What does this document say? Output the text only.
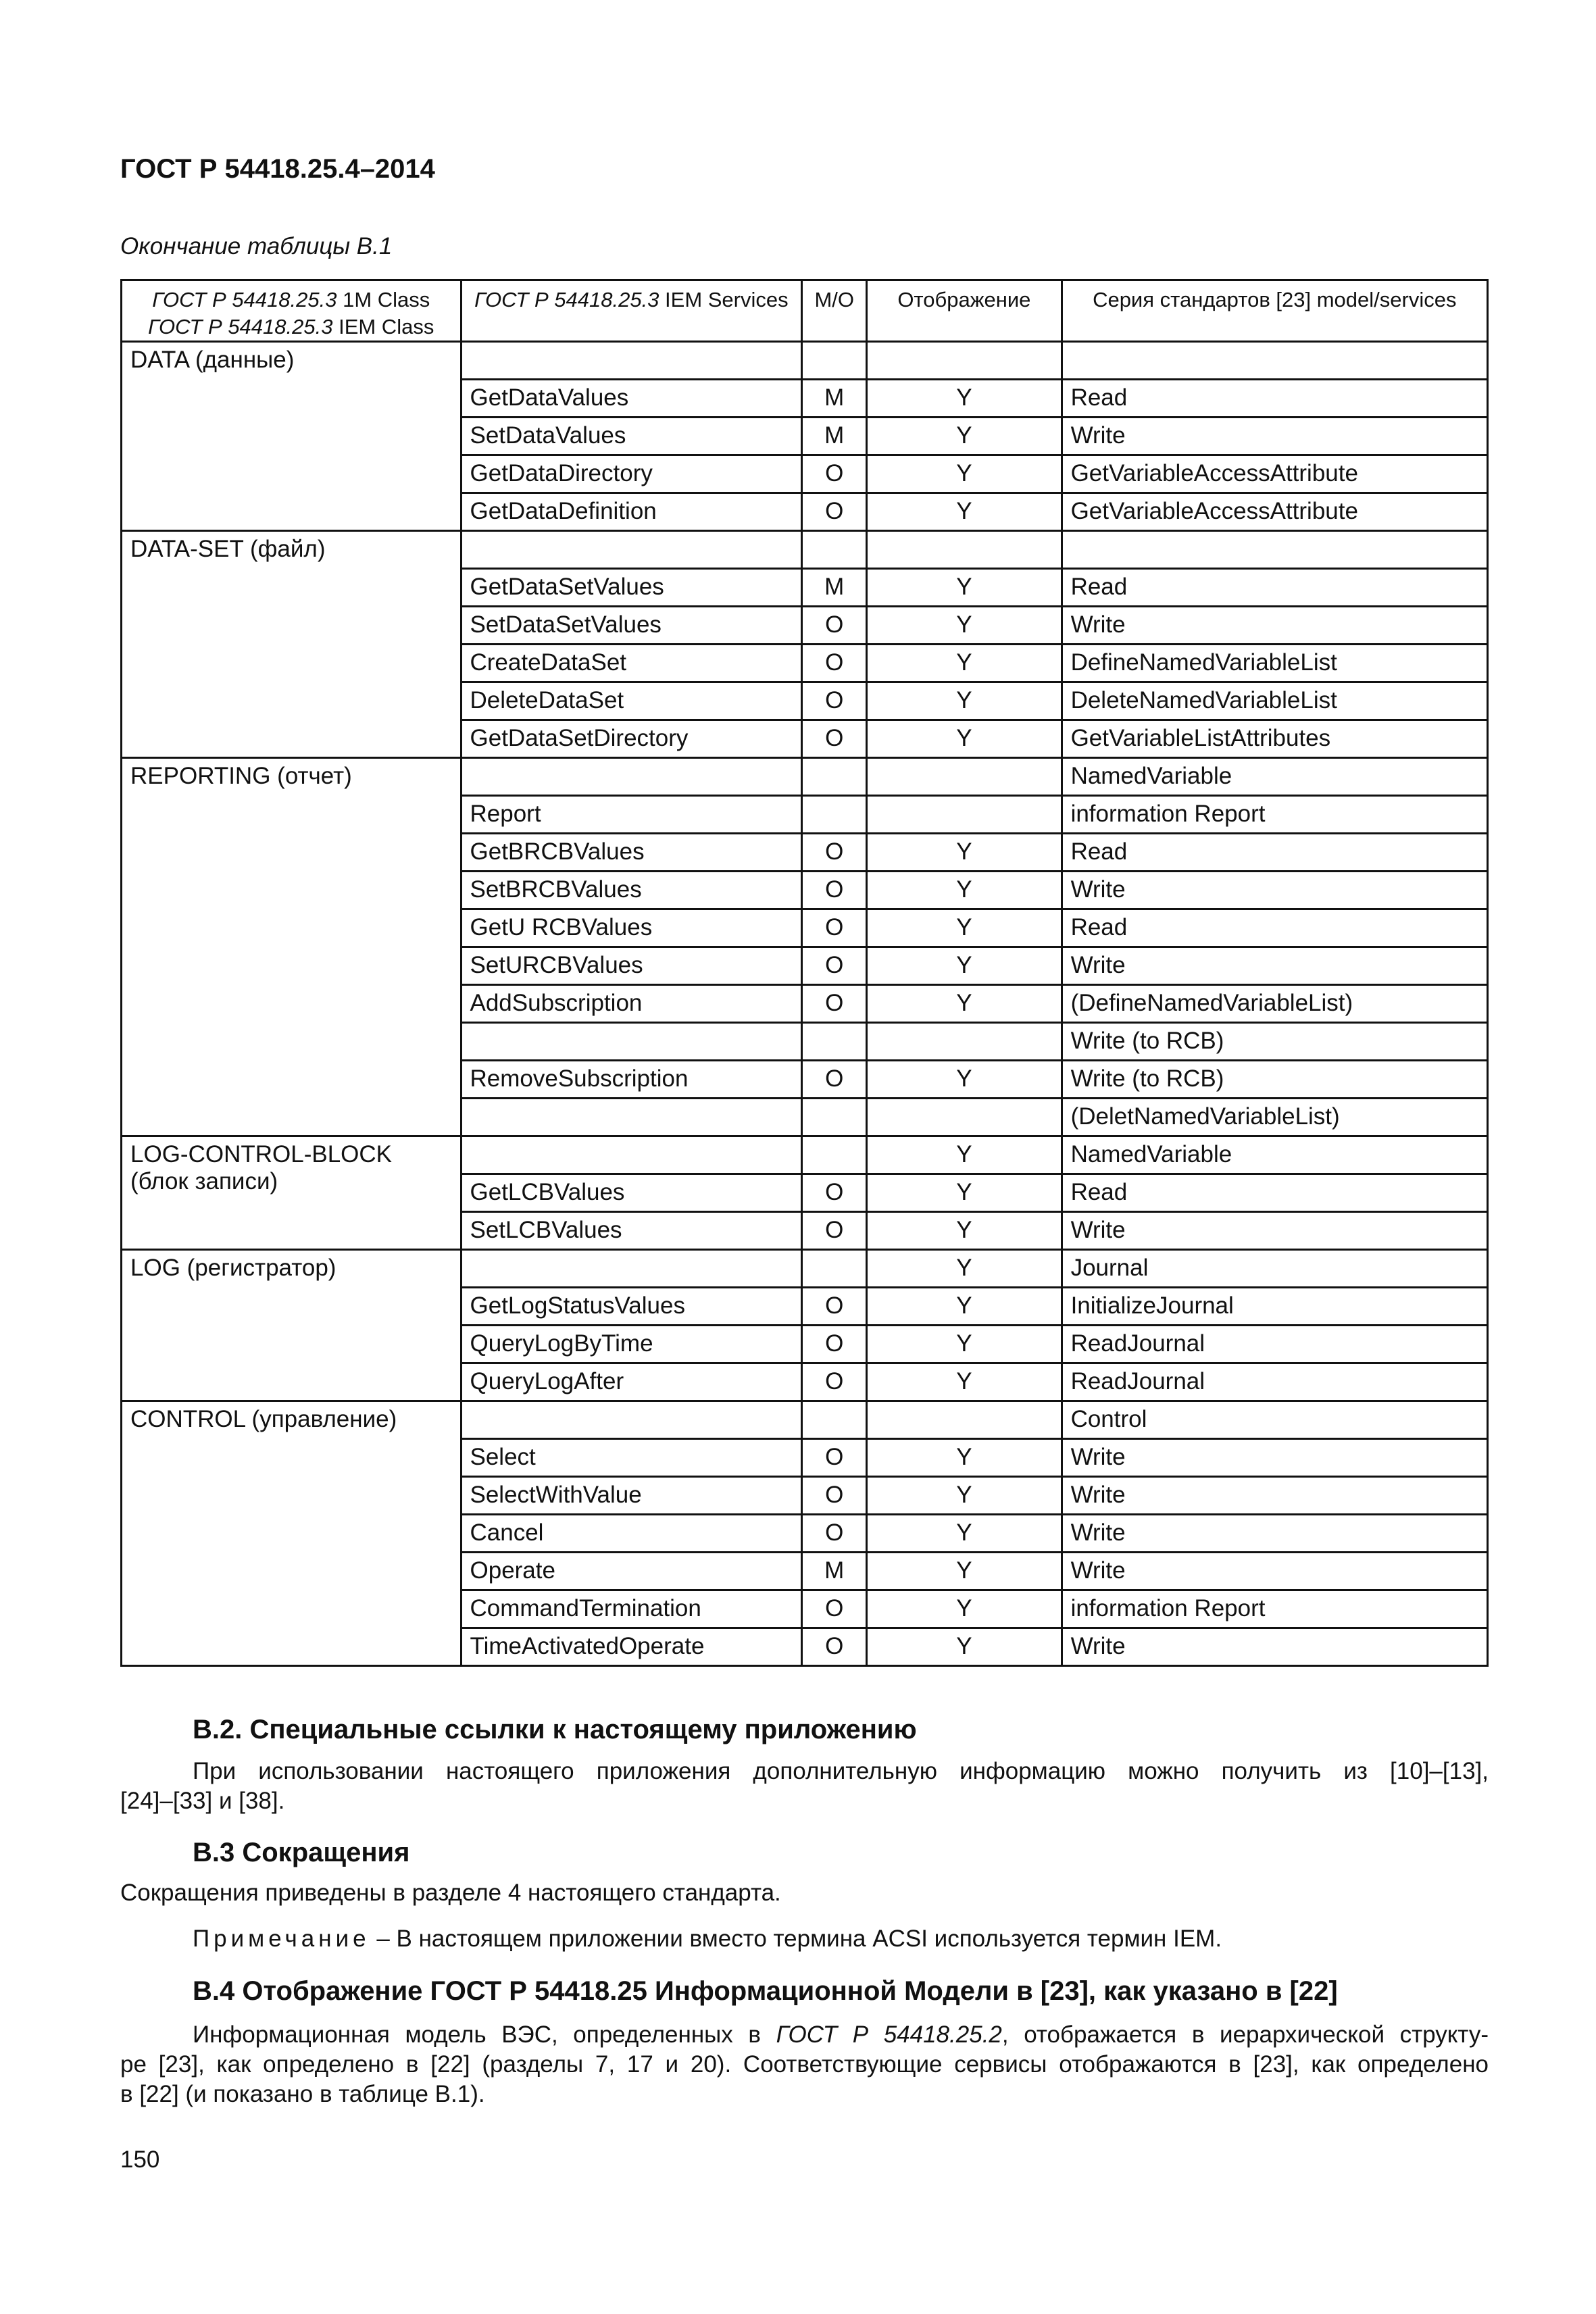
ГОСТ Р 54418.25.4–2014
Окончание таблицы B.1
ГОСТ Р 54418.25.3 1M Class
ГОСТ Р 54418.25.3 IEM Class	ГОСТ Р 54418.25.3 IEM Services	M/O	Отображение	Серия стандартов [23] model/services
DATA (данные)				
	GetDataValues	M	Y	Read
	SetDataValues	M	Y	Write
	GetDataDirectory	O	Y	GetVariableAccessAttribute
	GetDataDefinition	O	Y	GetVariableAccessAttribute
DATA-SET (файл)				
	GetDataSetValues	M	Y	Read
	SetDataSetValues	O	Y	Write
	CreateDataSet	O	Y	DefineNamedVariableList
	DeleteDataSet	O	Y	DeleteNamedVariableList
	GetDataSetDirectory	O	Y	GetVariableListAttributes
REPORTING (отчет)				NamedVariable
	Report			information Report
	GetBRCBValues	O	Y	Read
	SetBRCBValues	O	Y	Write
	GetU RCBValues	O	Y	Read
	SetURCBValues	O	Y	Write
	AddSubscription	O	Y	(DefineNamedVariableList)
				Write (to RCB)
	RemoveSubscription	O	Y	Write (to RCB)
				(DeletNamedVariableList)
LOG-CONTROL-BLOCK (блок записи)			Y	NamedVariable
	GetLCBValues	O	Y	Read
	SetLCBValues	O	Y	Write
LOG (регистратор)			Y	Journal
	GetLogStatusValues	O	Y	InitializeJournal
	QueryLogByTime	O	Y	ReadJournal
	QueryLogAfter	O	Y	ReadJournal
CONTROL (управление)				Control
	Select	O	Y	Write
	SelectWithValue	O	Y	Write
	Cancel	O	Y	Write
	Operate	M	Y	Write
	CommandTermination	O	Y	information Report
	TimeActivatedOperate	O	Y	Write
B.2. Специальные ссылки к настоящему приложению
При использовании настоящего приложения дополнительную информацию можно получить из [10]–[13],
[24]–[33] и [38].
B.3 Сокращения
Сокращения приведены в разделе 4 настоящего стандарта.
Примечание – В настоящем приложении вместо термина ACSI используется термин IEM.
B.4 Отображение ГОСТ Р 54418.25 Информационной Модели в [23], как указано в [22]
Информационная модель ВЭС, определенных в ГОСТ Р 54418.25.2, отображается в иерархической структу-
ре [23], как определено в [22] (разделы 7, 17 и 20). Соответствующие сервисы отображаются в [23], как определено
в [22] (и показано в таблице B.1).
150
